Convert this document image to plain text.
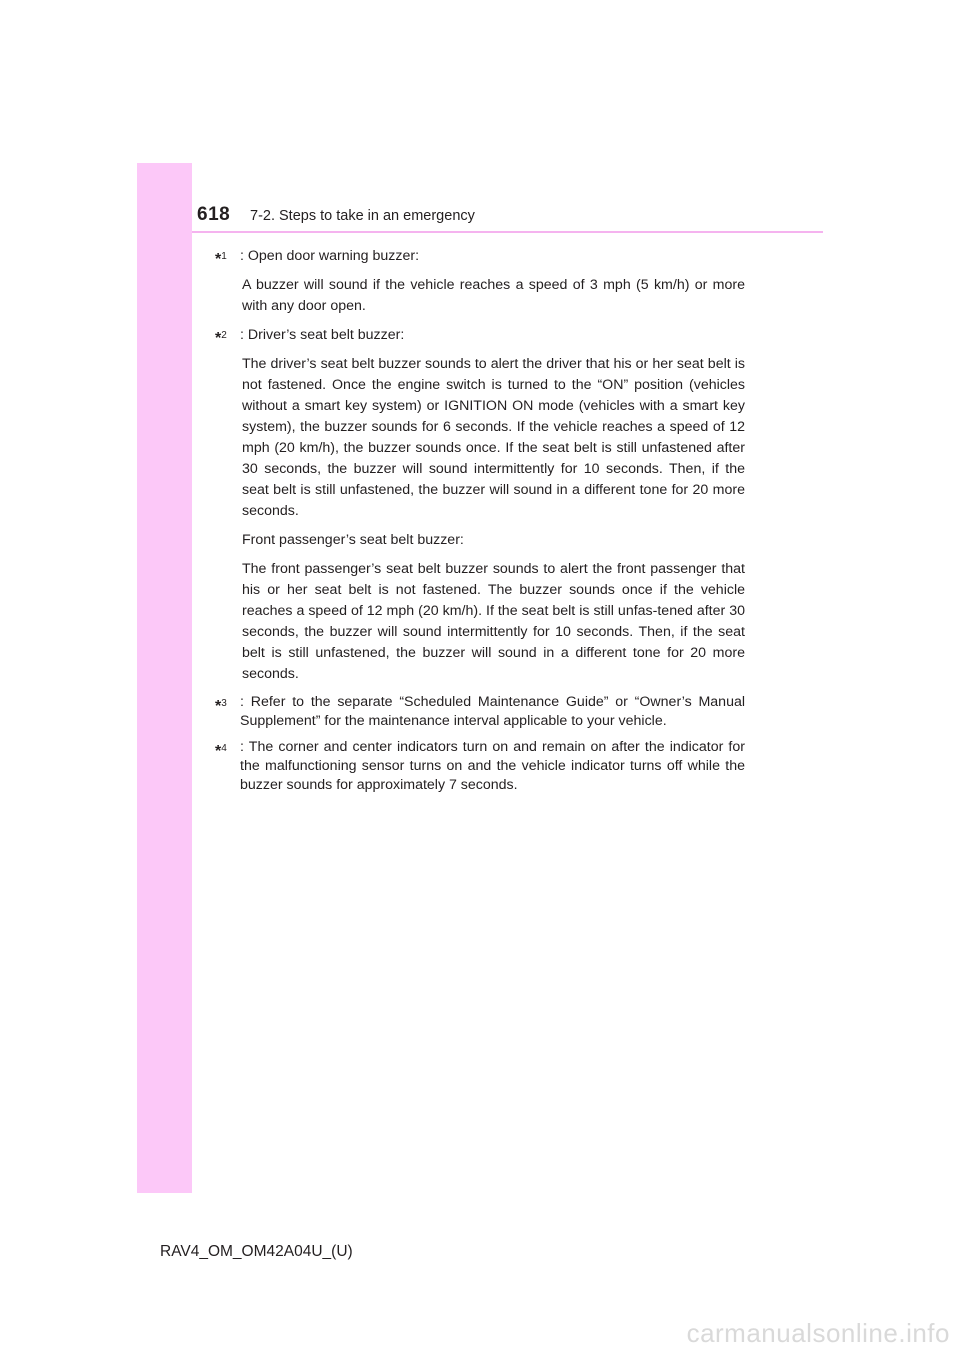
618 7-2. Steps to take in an emergency
*$^1$ : Open door warning buzzer:

A buzzer will sound if the vehicle reaches a speed of 3 mph (5 km/h) or more with any door open.

*$^2$ : Driver’s seat belt buzzer:

The driver’s seat belt buzzer sounds to alert the driver that his or her seat belt is not fastened. Once the engine switch is turned to the “ON” position (vehicles without a smart key system) or IGNITION ON mode (vehicles with a smart key system), the buzzer sounds for 6 seconds. If the vehicle reaches a speed of 12 mph (20 km/h), the buzzer sounds once. If the seat belt is still unfastened after 30 seconds, the buzzer will sound intermittently for 10 seconds. Then, if the seat belt is still unfastened, the buzzer will sound in a different tone for 20 more seconds.

Front passenger’s seat belt buzzer:

The front passenger’s seat belt buzzer sounds to alert the front passenger that his or her seat belt is not fastened. The buzzer sounds once if the vehicle reaches a speed of 12 mph (20 km/h). If the seat belt is still unfas-tened after 30 seconds, the buzzer will sound intermittently for 10 seconds. Then, if the seat belt is still unfastened, the buzzer will sound in a different tone for 20 more seconds.

*$^3$ : Refer to the separate “Scheduled Maintenance Guide” or “Owner’s Manual Supplement” for the maintenance interval applicable to your vehicle.

*$^4$ : The corner and center indicators turn on and remain on after the indicator for the malfunctioning sensor turns on and the vehicle indicator turns off while the buzzer sounds for approximately 7 seconds.

RAV4_OM_OM42A04U_(U)
carmanualsonline.info
